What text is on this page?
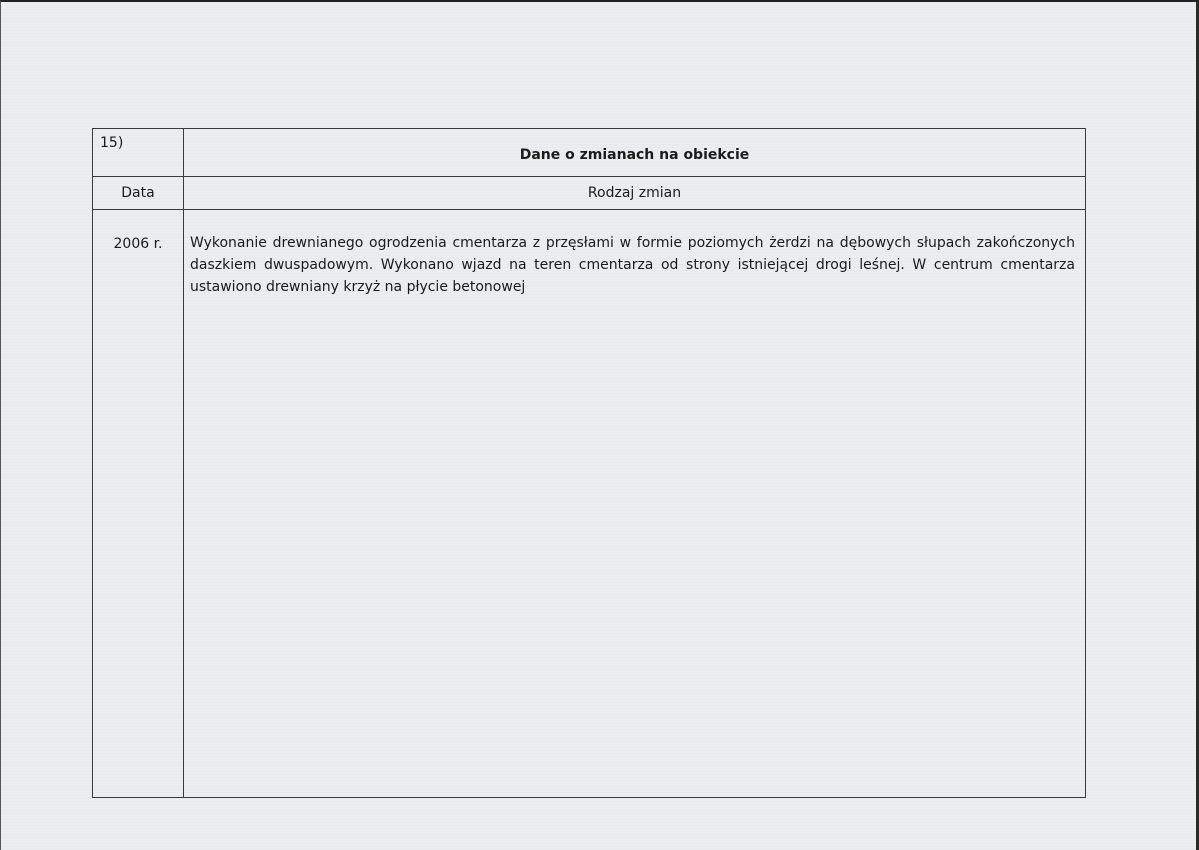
15)	Dane o zmianach na obiekcie
Data	Rodzaj zmian
2006 r.	Wykonanie drewnianego ogrodzenia cmentarza z przęsłami w formie poziomych żerdzi na dębowych słupach zakończonych daszkiem dwuspadowym. Wykonano wjazd na teren cmentarza od strony istniejącej drogi leśnej. W centrum cmentarza ustawiono drewniany krzyż na płycie betonowej
